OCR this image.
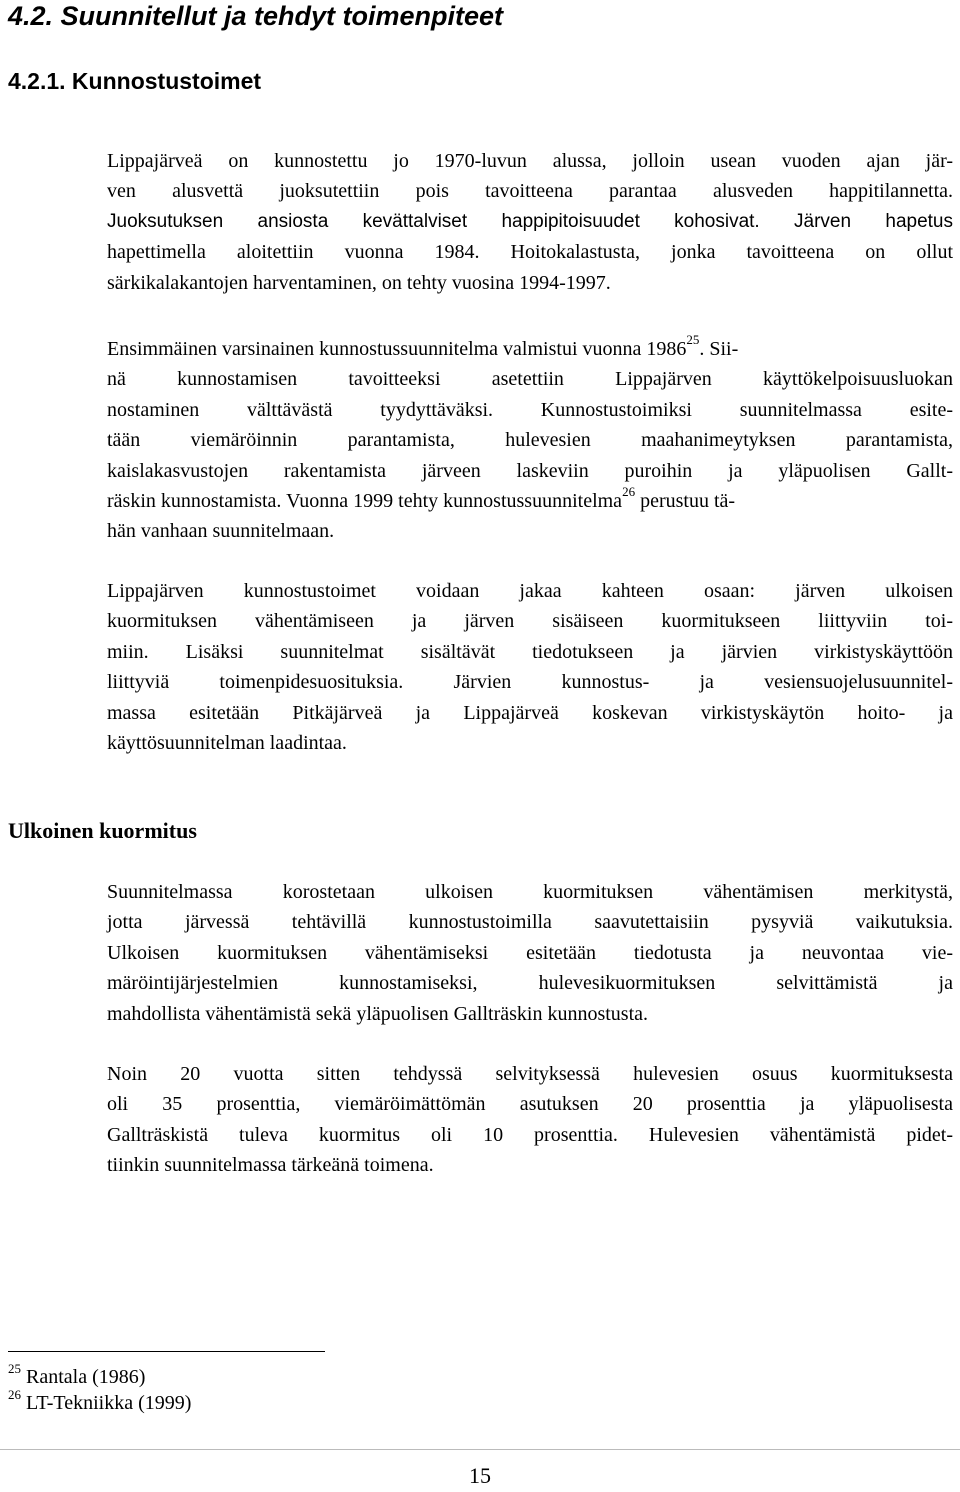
4.2. Suunnitellut ja tehdyt toimenpiteet
4.2.1. Kunnostustoimet
Lippajärveä on kunnostettu jo 1970-luvun alussa, jolloin usean vuoden ajan jär-
ven alusvettä juoksutettiin pois tavoitteena parantaa alusveden happitilannetta.
Juoksutuksen ansiosta kevättalviset happipitoisuudet kohosivat. Järven hapetus
hapettimella aloitettiin vuonna 1984. Hoitokalastusta, jonka tavoitteena on ollut
särkikalakantojen harventaminen, on tehty vuosina 1994-1997.
Ensimmäinen varsinainen kunnostussuunnitelma valmistui vuonna 1986$^{25}$. Sii-
nä kunnostamisen tavoitteeksi asetettiin Lippajärven käyttökelpoisuusluokan
nostaminen välttävästä tyydyttäväksi. Kunnostustoimiksi suunnitelmassa esite-
tään viemäröinnin parantamista, hulevesien maahanimeytyksen parantamista,
kaislakasvustojen rakentamista järveen laskeviin puroihin ja yläpuolisen Gallt-
räskin kunnostamista. Vuonna 1999 tehty kunnostussuunnitelma$^{26}$ perustuu tä-
hän vanhaan suunnitelmaan.
Lippajärven kunnostustoimet voidaan jakaa kahteen osaan: järven ulkoisen
kuormituksen vähentämiseen ja järven sisäiseen kuormitukseen liittyviin toi-
miin. Lisäksi suunnitelmat sisältävät tiedotukseen ja järvien virkistyskäyttöön
liittyviä toimenpidesuosituksia. Järvien kunnostus- ja vesiensuojelusuunnitel-
massa esitetään Pitkäjärveä ja Lippajärveä koskevan virkistyskäytön hoito- ja
käyttösuunnitelman laadintaa.
Ulkoinen kuormitus
Suunnitelmassa korostetaan ulkoisen kuormituksen vähentämisen merkitystä,
jotta järvessä tehtävillä kunnostustoimilla saavutettaisiin pysyviä vaikutuksia.
Ulkoisen kuormituksen vähentämiseksi esitetään tiedotusta ja neuvontaa vie-
märöintijärjestelmien kunnostamiseksi, hulevesikuormituksen selvittämistä ja
mahdollista vähentämistä sekä yläpuolisen Gallträskin kunnostusta.
Noin 20 vuotta sitten tehdyssä selvityksessä hulevesien osuus kuormituksesta
oli 35 prosenttia, viemäröimättömän asutuksen 20 prosenttia ja yläpuolisesta
Gallträskistä tuleva kuormitus oli 10 prosenttia. Hulevesien vähentämistä pidet-
tiinkin suunnitelmassa tärkeänä toimena.
$^{25}$ Rantala (1986)
$^{26}$ LT-Tekniikka (1999)
15
